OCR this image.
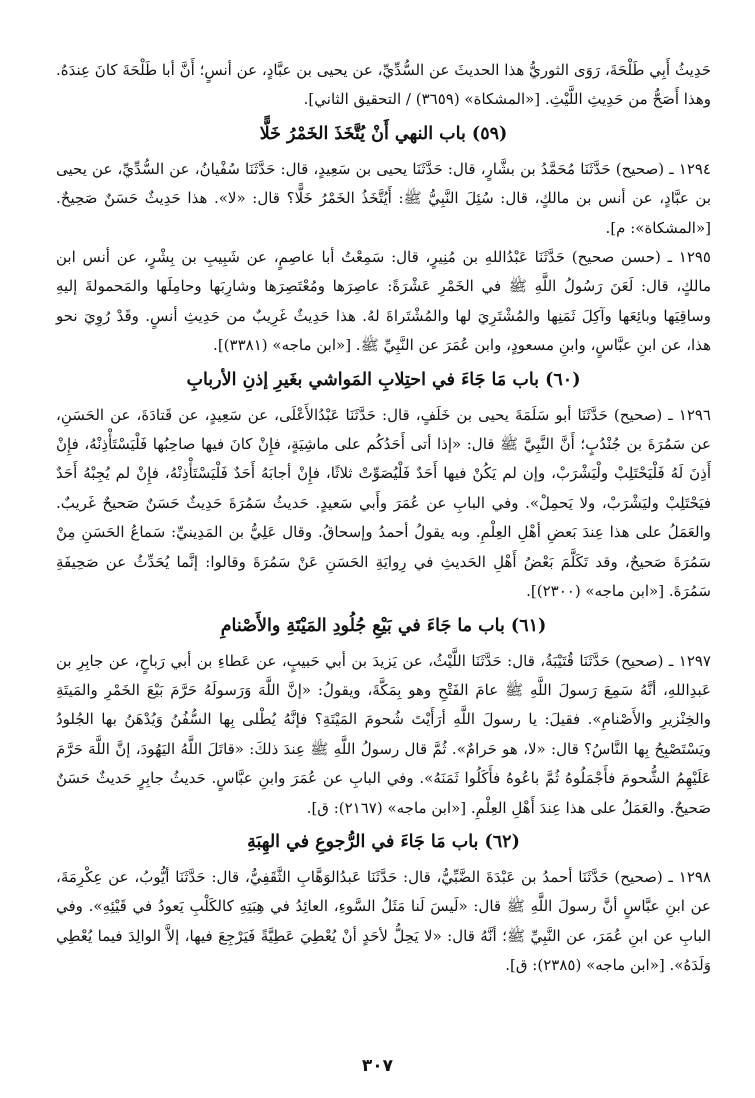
حَدِيثُ أَبِي طَلْحَةَ، رَوَى الثوريُّ هذا الحديثَ عن السُّدِّيِّ، عن يحيى بن عبَّادٍ، عن أنسٍ؛ أَنَّ أبا طَلْحَةَ كانَ عِندَهُ. وهذا أَصَحُّ من حَدِيثِ اللَّيْثِ. [«المشكاة» (٣٦٥٩) / التحقيق الثاني].

(٥٩) باب النهي أَنْ يُتَّخَذَ الخَمْرُ خَلًّا

١٢٩٤ ـ (صحيح) حَدَّثَنَا مُحَمَّدُ بن بشَّارٍ، قال: حَدَّثَنَا يحيى بن سَعِيدٍ، قال: حَدَّثَنَا سُفْيانُ، عن السُّدِّيِّ، عن يحيى بن عبَّادٍ، عن أنس بن مالكٍ، قال: سُئِلَ النَّبِيُّ ﷺ: أَيُتَّخَذُ الخَمْرُ خَلًّا؟ قال: «لا». هذا حَدِيثٌ حَسَنٌ صَحِيحٌ. [«المشكاة»: م].

١٢٩٥ ـ (حسن صحيح) حَدَّثَنَا عَبْدُاللهِ بن مُنِيرٍ، قال: سَمِعْتُ أبا عاصِمٍ، عن شَبِيبِ بن بِشْرٍ، عن أنس ابن مالكٍ، قال: لَعَنَ رَسُولُ اللَّهِ ﷺ في الخَمْرِ عَشْرَةً: عاصِرَها ومُعْتَصِرَها وشارِبَها وحامِلَها والمَحمولةَ إليهِ وساقِيَها وبائِعَها وآكِلَ ثَمَنِها والمُشْتَرِيَ لها والمُشْتَراةَ لهُ. هذا حَدِيثٌ غَرِيبٌ من حَدِيثِ أنسٍ. وقَدْ رُوِيَ نحو هذا، عن ابنِ عبَّاسٍ، وابنِ مسعودٍ، وابن عُمَرَ عن النَّبِيِّ ﷺ. [«ابن ماجه» (٣٣٨١)].

(٦٠) باب مَا جَاءَ في احتِلابِ المَواشي بغَيرِ إذنِ الأربابِ

١٢٩٦ ـ (صحيح) حَدَّثَنَا أبو سَلَمَةَ يحيى بن خَلَفٍ، قال: حَدَّثَنَا عَبْدُالأَعْلَى، عن سَعِيدٍ، عن قَتادَةَ، عن الحَسَنِ، عن سَمُرَةَ بن جُنْدُبٍ؛ أَنَّ النَّبِيَّ ﷺ قال: «إذا أتى أَحَدُكُم على ماشِيَةٍ، فإِنْ كانَ فيها صاحِبُها فَلْيَسْتَأْذِنْهُ، فإِنْ أَذِنَ لَهُ فَلْيَحْتَلِبْ ولْيَشْرَبْ، وإن لم يَكُنْ فيها أَحَدٌ فَلْيُصَوِّتْ ثلاثًا، فإِنْ أجابَهُ أَحَدٌ فَلْيَسْتَأْذِنْهُ، فإِنْ لم يُجِبْهُ أَحَدٌ فيَحْتَلِبْ وليَشْرَبْ، ولا يَحمِلْ». وفي البابِ عن عُمَرَ وأَبي سَعيدٍ. حَديثُ سَمُرَةَ حَدِيثٌ حَسَنٌ صَحيحٌ غَريبٌ. والعَمَلُ على هذا عِندَ بَعضِ أهْلِ العِلْمِ. وبه يقولُ أحمدُ وإسحاقُ. وقال عَلِيُّ بن المَدِينيِّ: سَماعُ الحَسَنِ مِنْ سَمُرَةَ صَحيحٌ، وقد تَكَلَّمَ بَعْضُ أَهْلِ الحَديثِ في رِوايَةِ الحَسَنِ عَنْ سَمُرَةَ وقالوا: إنَّما يُحَدِّثُ عن صَحِيفَةِ سَمُرَةَ. [«ابن ماجه» (٢٣٠٠)].

(٦١) باب ما جَاءَ في بَيْعِ جُلُودِ المَيْتَةِ والأَصْنامِ

١٢٩٧ ـ (صحيح) حَدَّثَنَا قُتَيْبَةُ، قال: حَدَّثَنَا اللَّيْثُ، عن يَزيدَ بن أبي حَبيبٍ، عن عَطاءِ بن أبي رَباحٍ، عن جابِرِ بن عَبدِاللهِ، أنَّهُ سَمِعَ رَسولَ اللَّهِ ﷺ عامَ الفَتْحِ وهو بِمَكَّةَ، ويقولُ: «إنَّ اللَّهَ وَرَسولَهُ حَرَّمَ بَيْعَ الخَمْرِ والمَيتَةِ والخِنْزيرِ والأَصْنامِ». فقيلَ: يا رسولَ اللَّهِ أرَأَيْتَ شُحومَ المَيْتَةِ؟ فإنَّهُ يُطْلى بِها السُّفُنُ وَيُدْهَنُ بها الجُلودُ ويَسْتَصْبِحُ بِها النَّاسُ؟ قال: «لا، هو حَرامٌ». ثُمَّ قال رسولُ اللَّهِ ﷺ عِندَ ذلكَ: «قاتَلَ اللَّهُ اليَهُودَ، إنَّ اللَّهَ حَرَّمَ عَلَيْهِمُ الشُّحومَ فأَجْمَلُوهُ ثُمَّ باعُوهُ فأَكَلُوا ثَمَنَهُ». وفي البابِ عن عُمَرَ وابنِ عبَّاسٍ. حَديثُ جابِرٍ حَديثٌ حَسَنٌ صَحيحٌ. والعَمَلُ على هذا عِندَ أَهْلِ العِلْمِ. [«ابن ماجه» (٢١٦٧): ق].

(٦٢) باب مَا جَاءَ في الرُّجوعِ في الهِبَةِ

١٢٩٨ ـ (صحيح) حَدَّثَنَا أحمدُ بن عَبْدَةَ الضَّبِّيُّ، قال: حَدَّثَنَا عَبدُالوَهَّابِ الثَّقَفِيُّ، قال: حَدَّثَنَا أيُّوبُ، عن عِكْرِمَةَ، عن ابنِ عبَّاسٍ أنَّ رسولَ اللَّهِ ﷺ قال: «لَيسَ لَنا مَثَلُ السَّوءِ، العائِدُ في هِبَتِهِ كالكَلْبِ يَعودُ في قَيْئِهِ». وفي البابِ عن ابنِ عُمَرَ، عن النَّبِيِّ ﷺ؛ أنَّهُ قال: «لا يَحِلُّ لأحَدٍ أنْ يُعْطِيَ عَطِيَّةً فَيَرْجِعَ فيها، إلاَّ الوالِدَ فيما يُعْطِي وَلَدَهُ». [«ابن ماجه» (٢٣٨٥): ق].

٣٠٧
